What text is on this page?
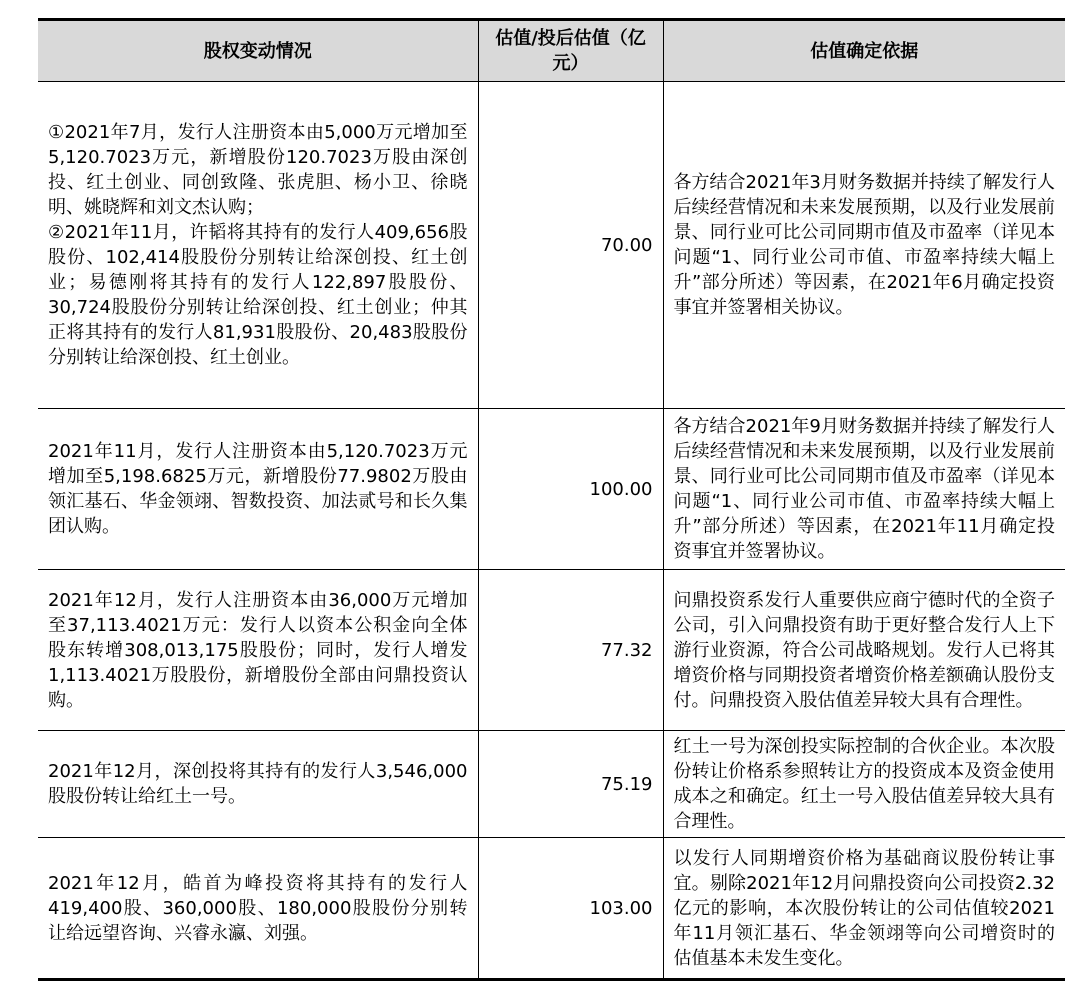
股权变动情况	估值/投后估值（亿元）	估值确定依据

①2021年7月，发行人注册资本由5,000万元增加至5,120.7023万元，新增股份120.7023万股由深创投、红土创业、同创致隆、张虎胆、杨小卫、徐晓明、姚晓辉和刘文杰认购；
②2021年11月，许韬将其持有的发行人409,656股股份、102,414股股份分别转让给深创投、红土创业；易德刚将其持有的发行人122,897股股份、30,724股股份分别转让给深创投、红土创业；仲其正将其持有的发行人81,931股股份、20,483股股份分别转让给深创投、红土创业。	70.00	各方结合2021年3月财务数据并持续了解发行人后续经营情况和未来发展预期，以及行业发展前景、同行业可比公司同期市值及市盈率（详见本问题“1、同行业公司市值、市盈率持续大幅上升”部分所述）等因素，在2021年6月确定投资事宜并签署相关协议。

2021年11月，发行人注册资本由5,120.7023万元增加至5,198.6825万元，新增股份77.9802万股由领汇基石、华金领翊、智数投资、加法贰号和长久集团认购。	100.00	各方结合2021年9月财务数据并持续了解发行人后续经营情况和未来发展预期，以及行业发展前景、同行业可比公司同期市值及市盈率（详见本问题“1、同行业公司市值、市盈率持续大幅上升”部分所述）等因素，在2021年11月确定投资事宜并签署协议。

2021年12月，发行人注册资本由36,000万元增加至37,113.4021万元：发行人以资本公积金向全体股东转增308,013,175股股份；同时，发行人增发1,113.4021万股股份，新增股份全部由问鼎投资认购。	77.32	问鼎投资系发行人重要供应商宁德时代的全资子公司，引入问鼎投资有助于更好整合发行人上下游行业资源，符合公司战略规划。发行人已将其增资价格与同期投资者增资价格差额确认股份支付。问鼎投资入股估值差异较大具有合理性。

2021年12月，深创投将其持有的发行人3,546,000股股份转让给红土一号。	75.19	红土一号为深创投实际控制的合伙企业。本次股份转让价格系参照转让方的投资成本及资金使用成本之和确定。红土一号入股估值差异较大具有合理性。

2021年12月，皓首为峰投资将其持有的发行人419,400股、360,000股、180,000股股份分别转让给远望咨询、兴睿永瀛、刘强。	103.00	以发行人同期增资价格为基础商议股份转让事宜。剔除2021年12月问鼎投资向公司投资2.32亿元的影响，本次股份转让的公司估值较2021年11月领汇基石、华金领翊等向公司增资时的估值基本未发生变化。
